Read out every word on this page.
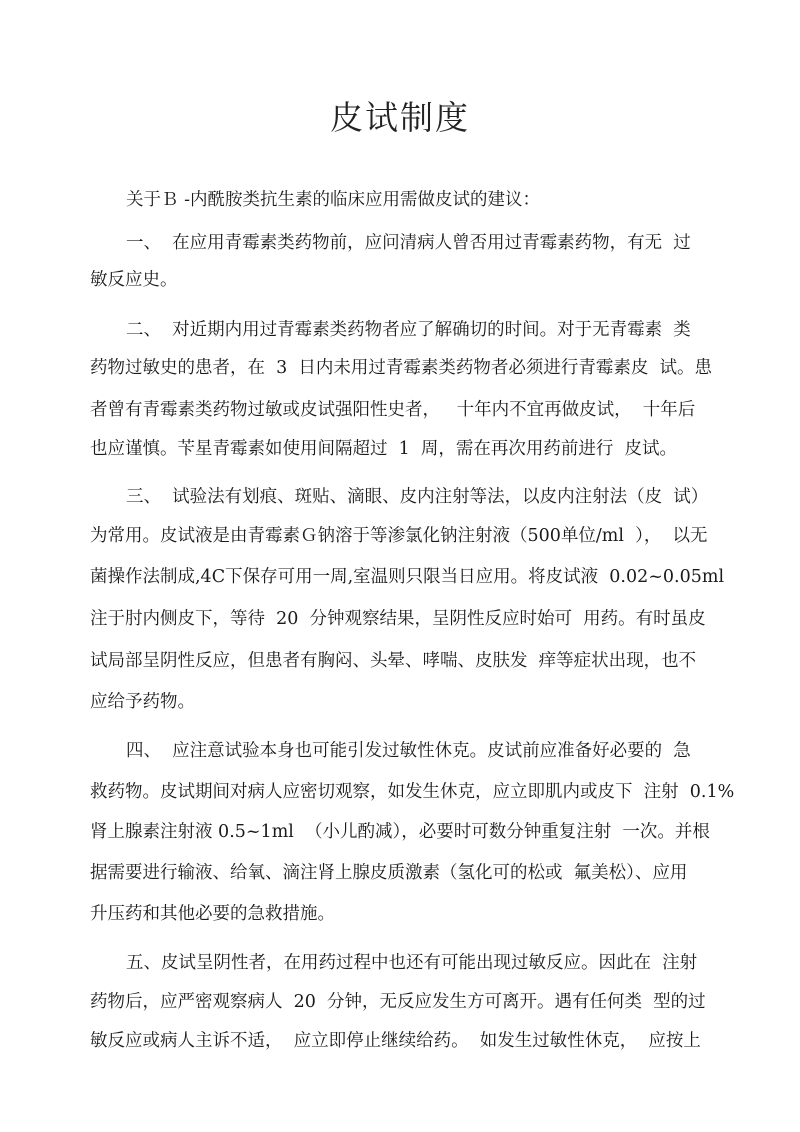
皮试制度
关于Ｂ -内酰胺类抗生素的临床应用需做皮试的建议：
一、  在应用青霉素类药物前，应问清病人曾否用过青霉素药物，有无  过
敏反应史。
二、  对近期内用过青霉素类药物者应了解确切的时间。对于无青霉素  类
药物过敏史的患者，在  3  日内未用过青霉素类药物者必须进行青霉素皮  试。患
者曾有青霉素类药物过敏或皮试强阳性史者，   十年内不宜再做皮试，  十年后
也应谨慎。苄星青霉素如使用间隔超过  1  周，需在再次用药前进行  皮试。
三、  试验法有划痕、斑贴、滴眼、皮内注射等法，以皮内注射法（皮  试）
为常用。皮试液是由青霉素Ｇ钠溶于等渗氯化钠注射液（500单位/ml  ），  以无
菌操作法制成,4C下保存可用一周,室温则只限当日应用。将皮试液  0.02~0.05ml
注于肘内侧皮下，等待  20  分钟观察结果，呈阴性反应时始可  用药。有时虽皮
试局部呈阴性反应，但患者有胸闷、头晕、哮喘、皮肤发  痒等症状出现，也不
应给予药物。
四、  应注意试验本身也可能引发过敏性休克。皮试前应准备好必要的  急
救药物。皮试期间对病人应密切观察，如发生休克，应立即肌内或皮下  注射  0.1%
肾上腺素注射液 0.5~1ml  （小儿酌减），必要时可数分钟重复注射  一次。并根
据需要进行输液、给氧、滴注肾上腺皮质激素（氢化可的松或  氟美松）、应用
升压药和其他必要的急救措施。
五、皮试呈阴性者，在用药过程中也还有可能出现过敏反应。因此在  注射
药物后，应严密观察病人  20  分钟，无反应发生方可离开。遇有任何类  型的过
敏反应或病人主诉不适，  应立即停止继续给药。  如发生过敏性休克，  应按上
